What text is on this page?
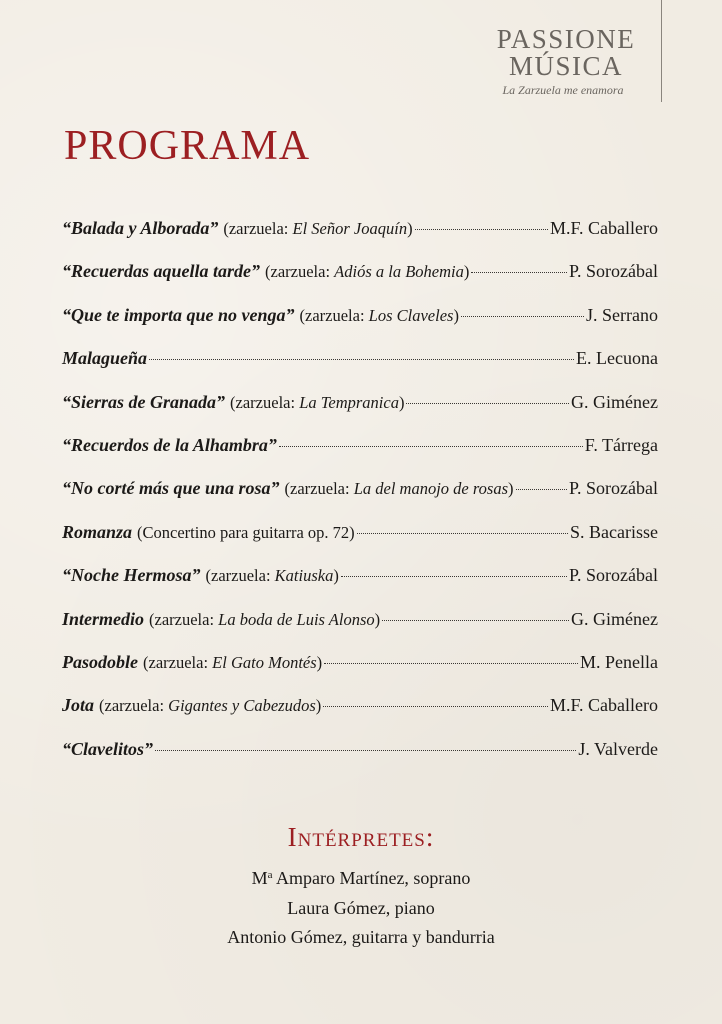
PASSIONE
MÚSICA
La Zarzuela me enamora
PROGRAMA
“Balada y Alborada” (zarzuela: El Señor Joaquín)	M.F. Caballero
“Recuerdas aquella tarde” (zarzuela: Adiós a la Bohemia)	P. Sorozábal
“Que te importa que no venga” (zarzuela: Los Claveles)	J. Serrano
Malagueña	E. Lecuona
“Sierras de Granada” (zarzuela: La Tempranica)	G. Giménez
“Recuerdos de la Alhambra”	F. Tárrega
“No corté más que una rosa” (zarzuela: La del manojo de rosas)	P. Sorozábal
Romanza (Concertino para guitarra op. 72)	S. Bacarisse
“Noche Hermosa” (zarzuela: Katiuska)	P. Sorozábal
Intermedio (zarzuela: La boda de Luis Alonso)	G. Giménez
Pasodoble (zarzuela: El Gato Montés)	M. Penella
Jota (zarzuela: Gigantes y Cabezudos)	M.F. Caballero
“Clavelitos”	J. Valverde
Intérpretes:
$M^a$ Amparo Martínez, soprano
Laura Gómez, piano
Antonio Gómez, guitarra y bandurria
